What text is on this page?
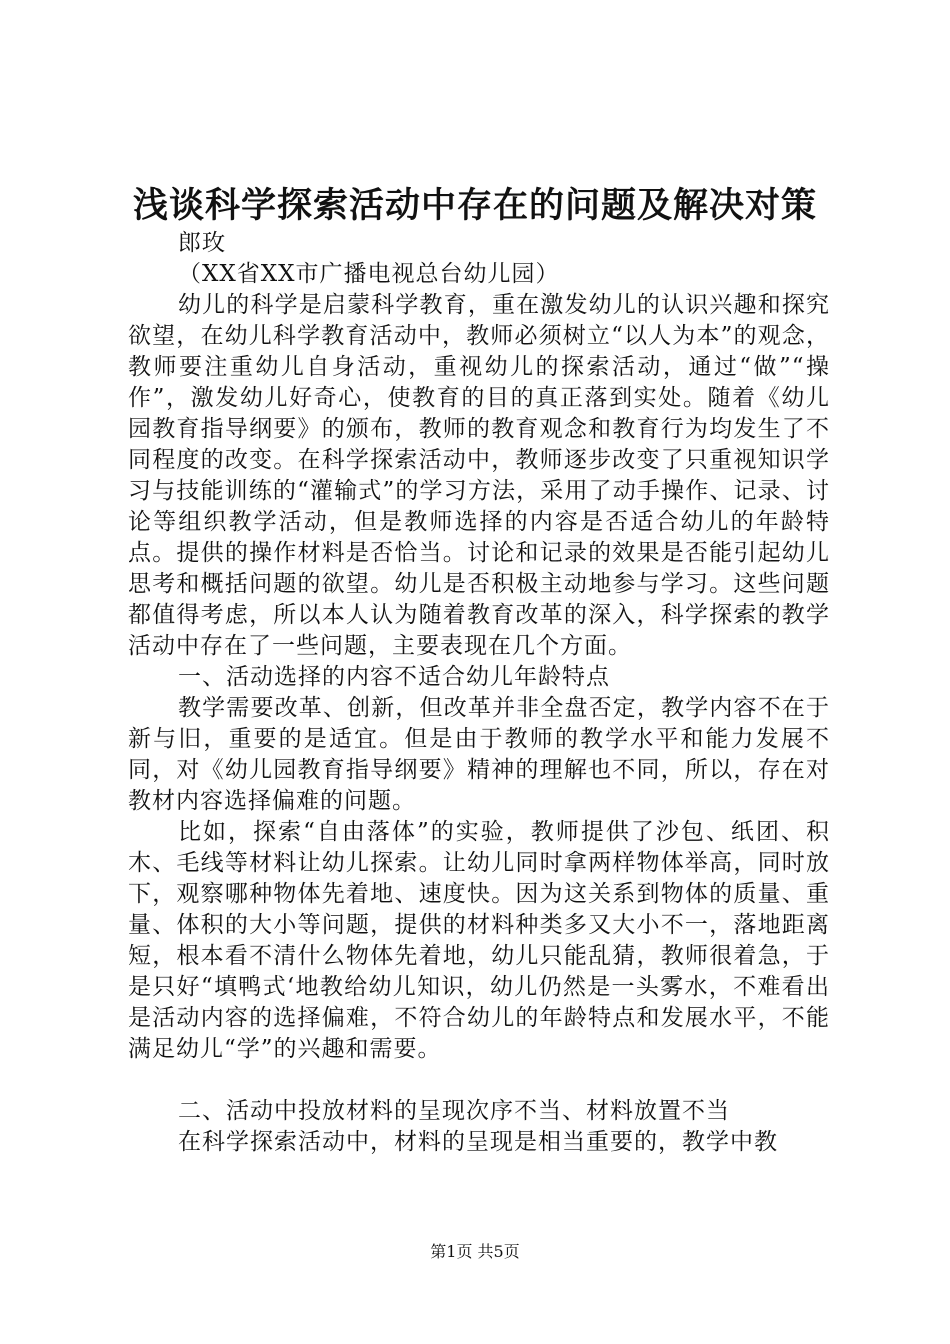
浅谈科学探索活动中存在的问题及解决对策

郎玫

（XX省XX市广播电视总台幼儿园）

幼儿的科学是启蒙科学教育，重在激发幼儿的认识兴趣和探究欲望，在幼儿科学教育活动中，教师必须树立“以人为本”的观念，教师要注重幼儿自身活动，重视幼儿的探索活动，通过“做”“操作”，激发幼儿好奇心，使教育的目的真正落到实处。随着《幼儿园教育指导纲要》的颁布，教师的教育观念和教育行为均发生了不同程度的改变。在科学探索活动中，教师逐步改变了只重视知识学习与技能训练的“灌输式”的学习方法，采用了动手操作、记录、讨论等组织教学活动，但是教师选择的内容是否适合幼儿的年龄特点。提供的操作材料是否恰当。讨论和记录的效果是否能引起幼儿思考和概括问题的欲望。幼儿是否积极主动地参与学习。这些问题都值得考虑，所以本人认为随着教育改革的深入，科学探索的教学活动中存在了一些问题，主要表现在几个方面。

一、活动选择的内容不适合幼儿年龄特点

教学需要改革、创新，但改革并非全盘否定，教学内容不在于新与旧，重要的是适宜。但是由于教师的教学水平和能力发展不同，对《幼儿园教育指导纲要》精神的理解也不同，所以，存在对教材内容选择偏难的问题。

比如，探索“自由落体”的实验，教师提供了沙包、纸团、积木、毛线等材料让幼儿探索。让幼儿同时拿两样物体举高，同时放下，观察哪种物体先着地、速度快。因为这关系到物体的质量、重量、体积的大小等问题，提供的材料种类多又大小不一，落地距离短，根本看不清什么物体先着地，幼儿只能乱猜，教师很着急，于是只好“填鸭式‘地教给幼儿知识，幼儿仍然是一头雾水，不难看出是活动内容的选择偏难，不符合幼儿的年龄特点和发展水平，不能满足幼儿“学”的兴趣和需要。

二、活动中投放材料的呈现次序不当、材料放置不当

在科学探索活动中，材料的呈现是相当重要的，教学中教

第1页 共5页
